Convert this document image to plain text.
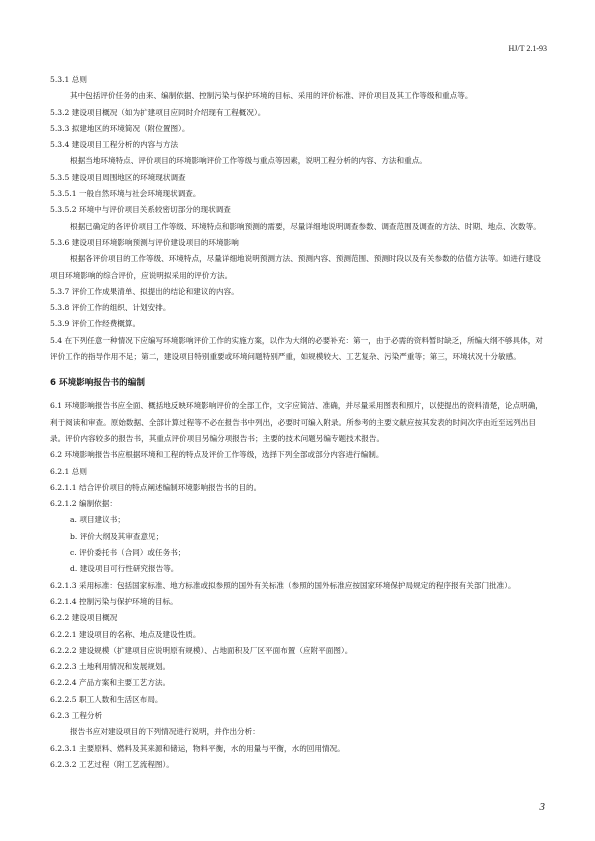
HJ/T 2.1-93
5.3.1 总则
其中包括评价任务的由来、编制依据、控制污染与保护环境的目标、采用的评价标准、评价项目及其工作等级和重点等。
5.3.2 建设项目概况（如为扩建项目应同时介绍现有工程概况）。
5.3.3 拟建地区的环境简况（附位置图）。
5.3.4 建设项目工程分析的内容与方法
根据当地环境特点、评价项目的环境影响评价工作等级与重点等因素，说明工程分析的内容、方法和重点。
5.3.5 建设项目周围地区的环境现状调查
5.3.5.1 一般自然环境与社会环境现状调查。
5.3.5.2 环境中与评价项目关系较密切部分的现状调查
根据已确定的各评价项目工作等级、环境特点和影响预测的需要，尽量详细地说明调查参数、调查范围及调查的方法、时期、地点、次数等。
5.3.6 建设项目环境影响预测与评价建设项目的环境影响
根据各评价项目的工作等级、环境特点，尽量详细地说明预测方法、预测内容、预测范围、预测时段以及有关参数的估值方法等。如进行建设项目环境影响的综合评价，应说明拟采用的评价方法。
5.3.7 评价工作成果清单、拟提出的结论和建议的内容。
5.3.8 评价工作的组织、计划安排。
5.3.9 评价工作经费概算。
5.4 在下列任意一种情况下应编写环境影响评价工作的实施方案，以作为大纲的必要补充：第一，由于必需的资料暂时缺乏，所编大纲不够具体，对评价工作的指导作用不足；第二，建设项目特别重要或环境问题特别严重，如规模较大、工艺复杂、污染严重等；第三，环境状况十分敏感。
6 环境影响报告书的编制
6.1 环境影响报告书应全面、概括地反映环境影响评价的全部工作，文字应简洁、准确，并尽量采用图表和照片，以使提出的资料清楚，论点明确，利于阅读和审查。原始数据、全部计算过程等不必在报告书中列出，必要时可编入附录。所参考的主要文献应按其发表的时间次序由近至远列出目录。评价内容较多的报告书，其重点评价项目另编分项报告书；主要的技术问题另编专题技术报告。
6.2 环境影响报告书应根据环境和工程的特点及评价工作等级，选择下列全部或部分内容进行编制。
6.2.1 总则
6.2.1.1 结合评价项目的特点阐述编制环境影响报告书的目的。
6.2.1.2 编制依据：
a. 项目建议书；
b. 评价大纲及其审查意见；
c. 评价委托书（合同）或任务书；
d. 建设项目可行性研究报告等。
6.2.1.3 采用标准：包括国家标准、地方标准或拟参照的国外有关标准（参照的国外标准应按国家环境保护局规定的程序报有关部门批准）。
6.2.1.4 控制污染与保护环境的目标。
6.2.2 建设项目概况
6.2.2.1 建设项目的名称、地点及建设性质。
6.2.2.2 建设规模（扩建项目应说明原有规模）、占地面积及厂区平面布置（应附平面图）。
6.2.2.3 土地利用情况和发展规划。
6.2.2.4 产品方案和主要工艺方法。
6.2.2.5 职工人数和生活区布局。
6.2.3 工程分析
报告书应对建设项目的下列情况进行说明，并作出分析：
6.2.3.1 主要原料、燃料及其来源和储运，物料平衡，水的用量与平衡，水的回用情况。
6.2.3.2 工艺过程（附工艺流程图）。
3
